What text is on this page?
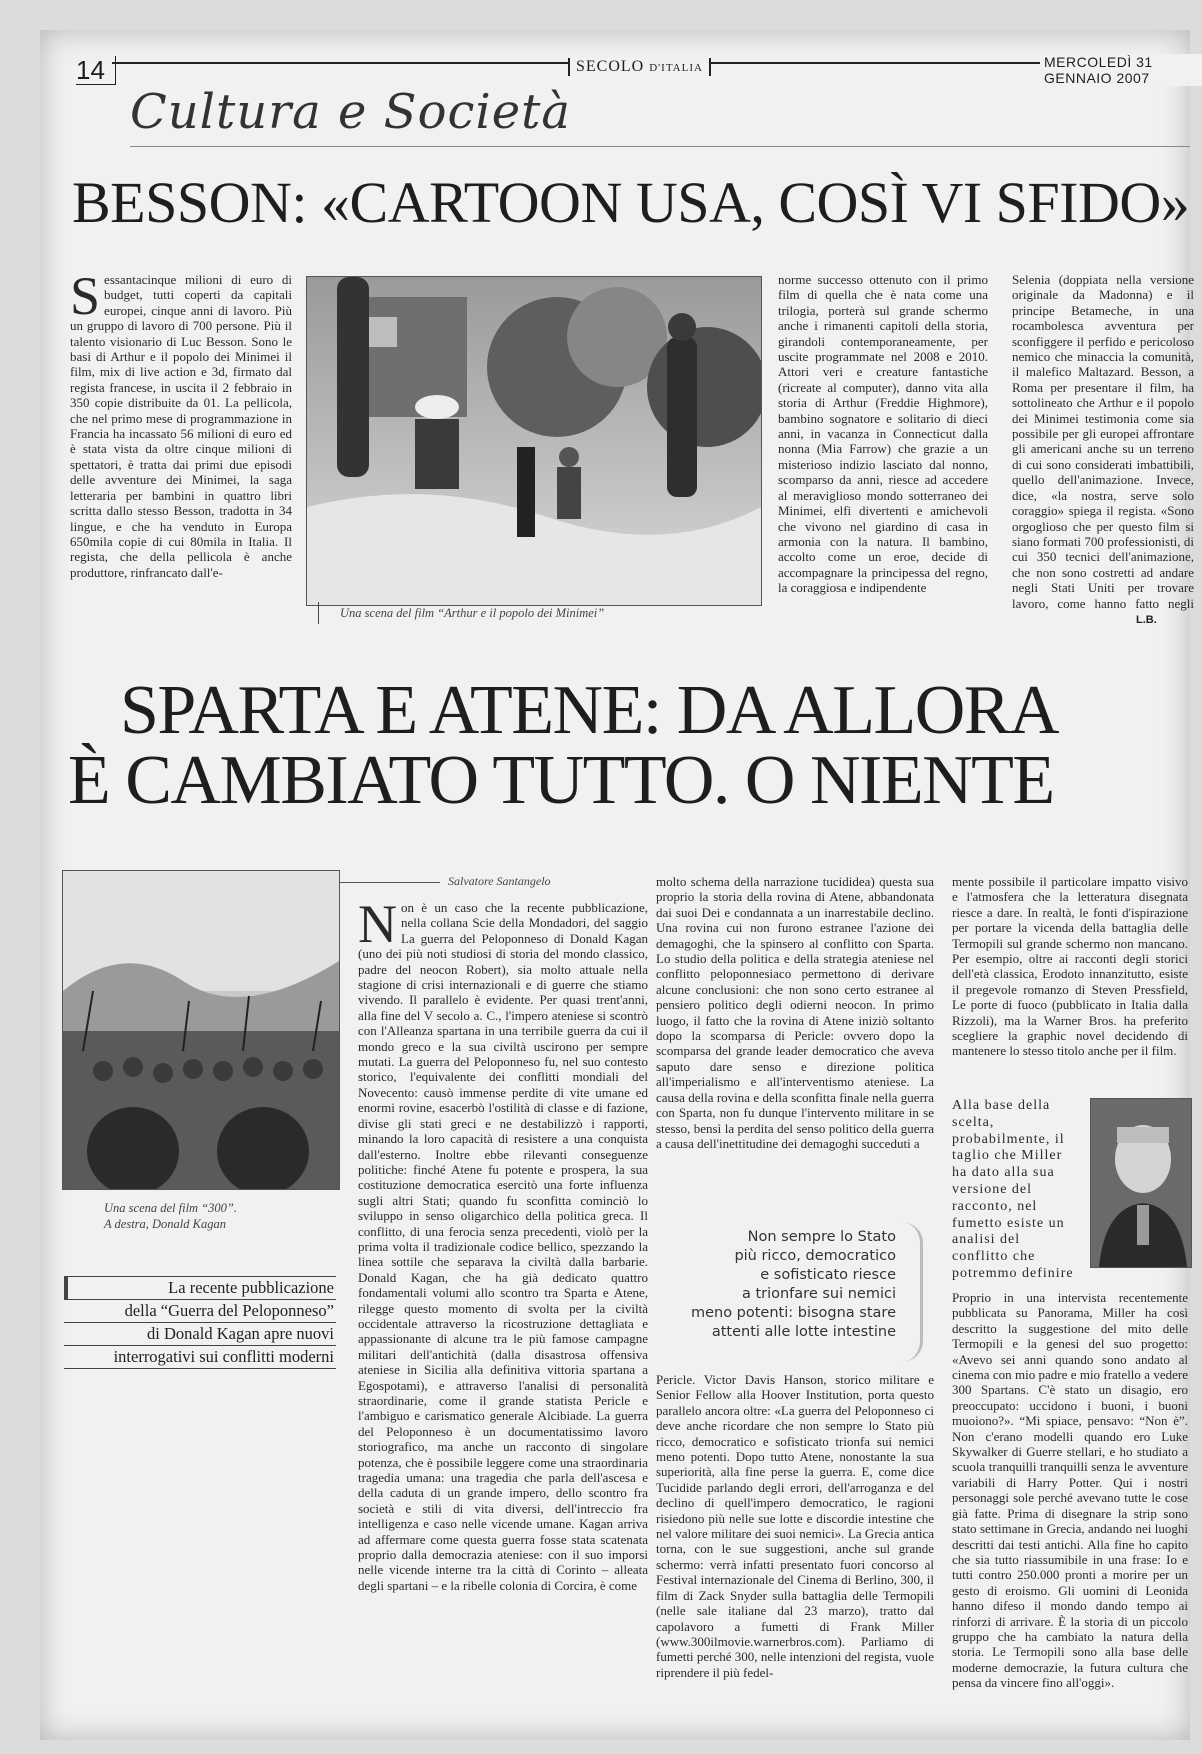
14	SECOLO D'ITALIA	MERCOLEDÌ 31 GENNAIO 2007
Cultura e Società
BESSON: «CARTOON USA, COSÌ VI SFIDO»
Sessantacinque milioni di euro di budget, tutti coperti da capitali europei, cinque anni di lavoro. Più un gruppo di lavoro di 700 persone. Più il talento visionario di Luc Besson. Sono le basi di Arthur e il popolo dei Minimei il film, mix di live action e 3d, firmato dal regista francese, in uscita il 2 febbraio in 350 copie distribuite da 01. La pellicola, che nel primo mese di programmazione in Francia ha incassato 56 milioni di euro ed è stata vista da oltre cinque milioni di spettatori, è tratta dai primi due episodi delle avventure dei Minimei, la saga letteraria per bambini in quattro libri scritta dallo stesso Besson, tradotta in 34 lingue, e che ha venduto in Europa 650mila copie di cui 80mila in Italia. Il regista, che della pellicola è anche produttore, rinfrancato dall'e-
Una scena del film “Arthur e il popolo dei Minimei”
norme successo ottenuto con il primo film di quella che è nata come una trilogia, porterà sul grande schermo anche i rimanenti capitoli della storia, girandoli contemporaneamente, per uscite programmate nel 2008 e 2010. Attori veri e creature fantastiche (ricreate al computer), danno vita alla storia di Arthur (Freddie Highmore), bambino sognatore e solitario di dieci anni, in vacanza in Connecticut dalla nonna (Mia Farrow) che grazie a un misterioso indizio lasciato dal nonno, scomparso da anni, riesce ad accedere al meraviglioso mondo sotterraneo dei Minimei, elfi divertenti e amichevoli che vivono nel giardino di casa in armonia con la natura. Il bambino, accolto come un eroe, decide di accompagnare la principessa del regno, la coraggiosa e indipendente
Selenia (doppiata nella versione originale da Madonna) e il principe Betameche, in una rocambolesca avventura per sconfiggere il perfido e pericoloso nemico che minaccia la comunità, il malefico Maltazard. Besson, a Roma per presentare il film, ha sottolineato che Arthur e il popolo dei Minimei testimonia come sia possibile per gli europei affrontare gli americani anche su un terreno di cui sono considerati imbattibili, quello dell'animazione. Invece, dice, «la nostra, serve solo coraggio» spiega il regista. «Sono orgoglioso che per questo film si siano formati 700 professionisti, di cui 350 tecnici dell'animazione, che non sono costretti ad andare negli Stati Uniti per trovare lavoro, come hanno fatto negli
L.B.
SPARTA E ATENE: DA ALLORA
È CAMBIATO TUTTO. O NIENTE
Una scena del film “300”.
A destra, Donald Kagan
La recente pubblicazione
della “Guerra del Peloponneso”
di Donald Kagan apre nuovi
interrogativi sui conflitti moderni
Salvatore Santangelo
Non è un caso che la recente pubblicazione, nella collana Scie della Mondadori, del saggio La guerra del Peloponneso di Donald Kagan (uno dei più noti studiosi di storia del mondo classico, padre del neocon Robert), sia molto attuale nella stagione di crisi internazionali e di guerre che stiamo vivendo. Il parallelo è evidente. Per quasi trent'anni, alla fine del V secolo a. C., l'impero ateniese si scontrò con l'Alleanza spartana in una terribile guerra da cui il mondo greco e la sua civiltà uscirono per sempre mutati. La guerra del Peloponneso fu, nel suo contesto storico, l'equivalente dei conflitti mondiali del Novecento: causò immense perdite di vite umane ed enormi rovine, esacerbò l'ostilità di classe e di fazione, divise gli stati greci e ne destabilizzò i rapporti, minando la loro capacità di resistere a una conquista dall'esterno. Inoltre ebbe rilevanti conseguenze politiche: finché Atene fu potente e prospera, la sua costituzione democratica esercitò una forte influenza sugli altri Stati; quando fu sconfitta cominciò lo sviluppo in senso oligarchico della politica greca. Il conflitto, di una ferocia senza precedenti, violò per la prima volta il tradizionale codice bellico, spezzando la linea sottile che separava la civiltà dalla barbarie. Donald Kagan, che ha già dedicato quattro fondamentali volumi allo scontro tra Sparta e Atene, rilegge questo momento di svolta per la civiltà occidentale attraverso la ricostruzione dettagliata e appassionante di alcune tra le più famose campagne militari dell'antichità (dalla disastrosa offensiva ateniese in Sicilia alla definitiva vittoria spartana a Egospotami), e attraverso l'analisi di personalità straordinarie, come il grande statista Pericle e l'ambiguo e carismatico generale Alcibiade. La guerra del Peloponneso è un documentatissimo lavoro storiografico, ma anche un racconto di singolare potenza, che è possibile leggere come una straordinaria tragedia umana: una tragedia che parla dell'ascesa e della caduta di un grande impero, dello scontro fra società e stili di vita diversi, dell'intreccio fra intelligenza e caso nelle vicende umane. Kagan arriva ad affermare come questa guerra fosse stata scatenata proprio dalla democrazia ateniese: con il suo imporsi nelle vicende interne tra la città di Corinto – alleata degli spartani – e la ribelle colonia di Corcira, è come
molto schema della narrazione tucididea) questa sua proprio la storia della rovina di Atene, abbandonata dai suoi Dei e condannata a un inarrestabile declino. Una rovina cui non furono estranee l'azione dei demagoghi, che la spinsero al conflitto con Sparta. Lo studio della politica e della strategia ateniese nel conflitto peloponnesiaco permettono di derivare alcune conclusioni: che non sono certo estranee al pensiero politico degli odierni neocon. In primo luogo, il fatto che la rovina di Atene iniziò soltanto dopo la scomparsa di Pericle: ovvero dopo la scomparsa del grande leader democratico che aveva saputo dare senso e direzione politica all'imperialismo e all'interventismo ateniese. La causa della rovina e della sconfitta finale nella guerra con Sparta, non fu dunque l'intervento militare in se stesso, bensì la perdita del senso politico della guerra a causa dell'inettitudine dei demagoghi succeduti a
Non sempre lo Stato
più ricco, democratico
e sofisticato riesce
a trionfare sui nemici
meno potenti: bisogna stare
attenti alle lotte intestine
Pericle. Victor Davis Hanson, storico militare e Senior Fellow alla Hoover Institution, porta questo parallelo ancora oltre: «La guerra del Peloponneso ci deve anche ricordare che non sempre lo Stato più ricco, democratico e sofisticato trionfa sui nemici meno potenti. Dopo tutto Atene, nonostante la sua superiorità, alla fine perse la guerra. E, come dice Tucidide parlando degli errori, dell'arroganza e del declino di quell'impero democratico, le ragioni risiedono più nelle sue lotte e discordie intestine che nel valore militare dei suoi nemici». La Grecia antica torna, con le sue suggestioni, anche sul grande schermo: verrà infatti presentato fuori concorso al Festival internazionale del Cinema di Berlino, 300, il film di Zack Snyder sulla battaglia delle Termopili (nelle sale italiane dal 23 marzo), tratto dal capolavoro a fumetti di Frank Miller (www.300ilmovie.warnerbros.com). Parliamo di fumetti perché 300, nelle intenzioni del regista, vuole riprendere il più fedel-
mente possibile il particolare impatto visivo e l'atmosfera che la letteratura disegnata riesce a dare. In realtà, le fonti d'ispirazione per portare la vicenda della battaglia delle Termopili sul grande schermo non mancano. Per esempio, oltre ai racconti degli storici dell'età classica, Erodoto innanzitutto, esiste il pregevole romanzo di Steven Pressfield, Le porte di fuoco (pubblicato in Italia dalla Rizzoli), ma la Warner Bros. ha preferito scegliere la graphic novel decidendo di mantenere lo stesso titolo anche per il film.
Alla base della scelta, probabilmente, il taglio che Miller ha dato alla sua versione del racconto, nel fumetto esiste un analisi del conflitto che potremmo definire
Proprio in una intervista recentemente pubblicata su Panorama, Miller ha così descritto la suggestione del mito delle Termopili e la genesi del suo progetto: «Avevo sei anni quando sono andato al cinema con mio padre e mio fratello a vedere 300 Spartans. C'è stato un disagio, ero preoccupato: uccidono i buoni, i buoni muoiono?». “Mi spiace, pensavo: “Non è”. Non c'erano modelli quando ero Luke Skywalker di Guerre stellari, e ho studiato a scuola tranquilli tranquilli senza le avventure variabili di Harry Potter. Qui i nostri personaggi sole perché avevano tutte le cose già fatte. Prima di disegnare la strip sono stato settimane in Grecia, andando nei luoghi descritti dai testi antichi. Alla fine ho capito che sia tutto riassumibile in una frase: Io e tutti contro 250.000 pronti a morire per un gesto di eroismo. Gli uomini di Leonida hanno difeso il mondo dando tempo ai rinforzi di arrivare. È la storia di un piccolo gruppo che ha cambiato la natura della storia. Le Termopili sono alla base delle moderne democrazie, la futura cultura che pensa da vincere fino all'oggi».
